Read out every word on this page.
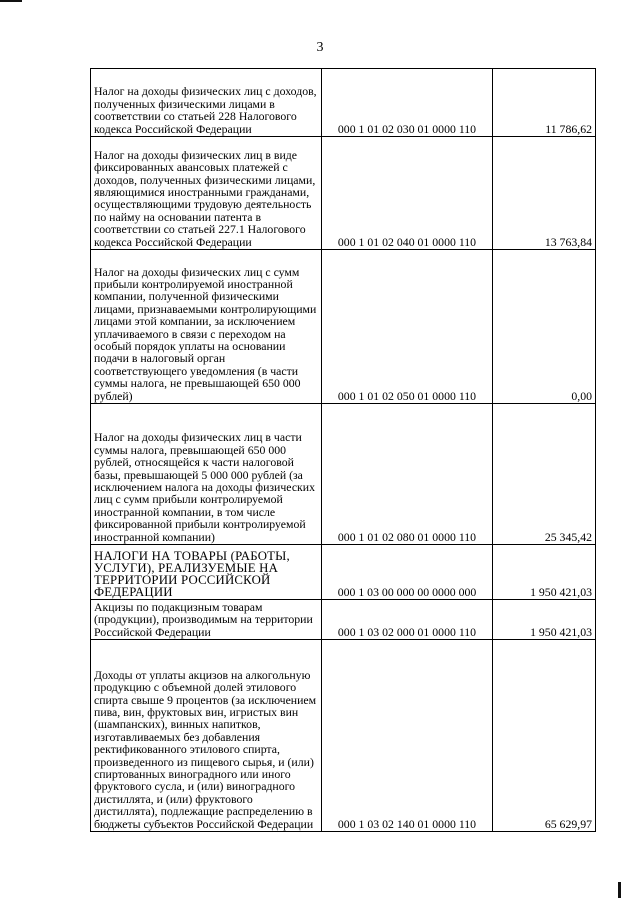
3
Налог на доходы физических лиц с доходов, полученных физическими лицами в соответствии со статьей 228 Налогового кодекса Российской Федерации	000 1 01 02 030 01 0000 110	11 786,62
Налог на доходы физических лиц в виде фиксированных авансовых платежей с доходов, полученных физическими лицами, являющимися иностранными гражданами, осуществляющими трудовую деятельность по найму на основании патента в соответствии со статьей 227.1 Налогового кодекса Российской Федерации	000 1 01 02 040 01 0000 110	13 763,84
Налог на доходы физических лиц с сумм прибыли контролируемой иностранной компании, полученной физическими лицами, признаваемыми контролирующими лицами этой компании, за исключением уплачиваемого в связи с переходом на особый порядок уплаты на основании подачи в налоговый орган соответствующего уведомления (в части суммы налога, не превышающей 650 000 рублей)	000 1 01 02 050 01 0000 110	0,00
Налог на доходы физических лиц в части суммы налога, превышающей 650 000 рублей, относящейся к части налоговой базы, превышающей 5 000 000 рублей (за исключением налога на доходы физических лиц с сумм прибыли контролируемой иностранной компании, в том числе фиксированной прибыли контролируемой иностранной компании)	000 1 01 02 080 01 0000 110	25 345,42
НАЛОГИ НА ТОВАРЫ (РАБОТЫ, УСЛУГИ), РЕАЛИЗУЕМЫЕ НА ТЕРРИТОРИИ РОССИЙСКОЙ ФЕДЕРАЦИИ	000 1 03 00 000 00 0000 000	1 950 421,03
Акцизы по подакцизным товарам (продукции), производимым на территории Российской Федерации	000 1 03 02 000 01 0000 110	1 950 421,03
Доходы от уплаты акцизов на алкогольную продукцию с объемной долей этилового спирта свыше 9 процентов (за исключением пива, вин, фруктовых вин, игристых вин (шампанских), винных напитков, изготавливаемых без добавления ректификованного этилового спирта, произведенного из пищевого сырья, и (или) спиртованных виноградного или иного фруктового сусла, и (или) виноградного дистиллята, и (или) фруктового дистиллята), подлежащие распределению в бюджеты субъектов Российской Федерации	000 1 03 02 140 01 0000 110	65 629,97
